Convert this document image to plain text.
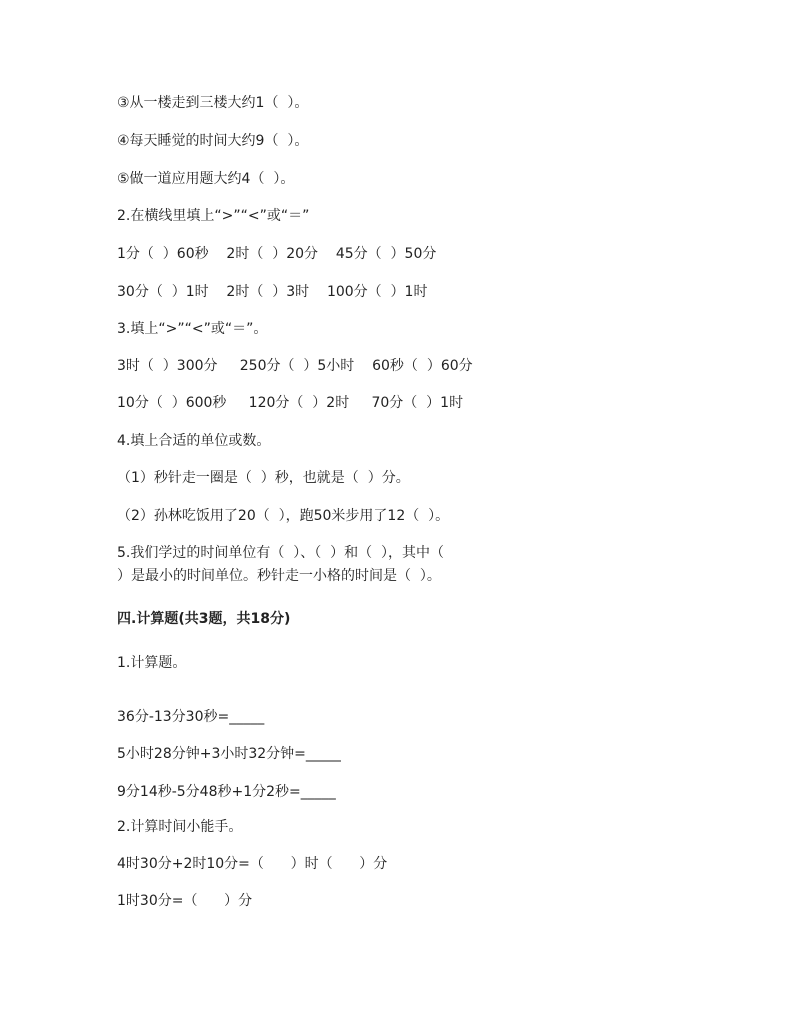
③从一楼走到三楼大约1（  ）。
④每天睡觉的时间大约9（  ）。
⑤做一道应用题大约4（  ）。
2.在横线里填上“>”“<”或“＝”
1分（  ）60秒    2时（  ）20分    45分（  ）50分
30分（  ）1时    2时（  ）3时    100分（  ）1时
3.填上“>”“<”或“＝”。
3时（  ）300分     250分（  ）5小时    60秒（  ）60分
10分（  ）600秒     120分（  ）2时     70分（  ）1时
4.填上合适的单位或数。
（1）秒针走一圈是（  ）秒，也就是（  ）分。
（2）孙林吃饭用了20（  ），跑50米步用了12（  ）。
5.我们学过的时间单位有（  ）、（  ）和（  ），其中（
）是最小的时间单位。秒针走一小格的时间是（  ）。
四.计算题(共3题，共18分)
1.计算题。
36分-13分30秒=_____
5小时28分钟+3小时32分钟=_____
9分14秒-5分48秒+1分2秒=_____
2.计算时间小能手。
4时30分+2时10分=（      ）时（      ）分
1时30分=（      ）分
